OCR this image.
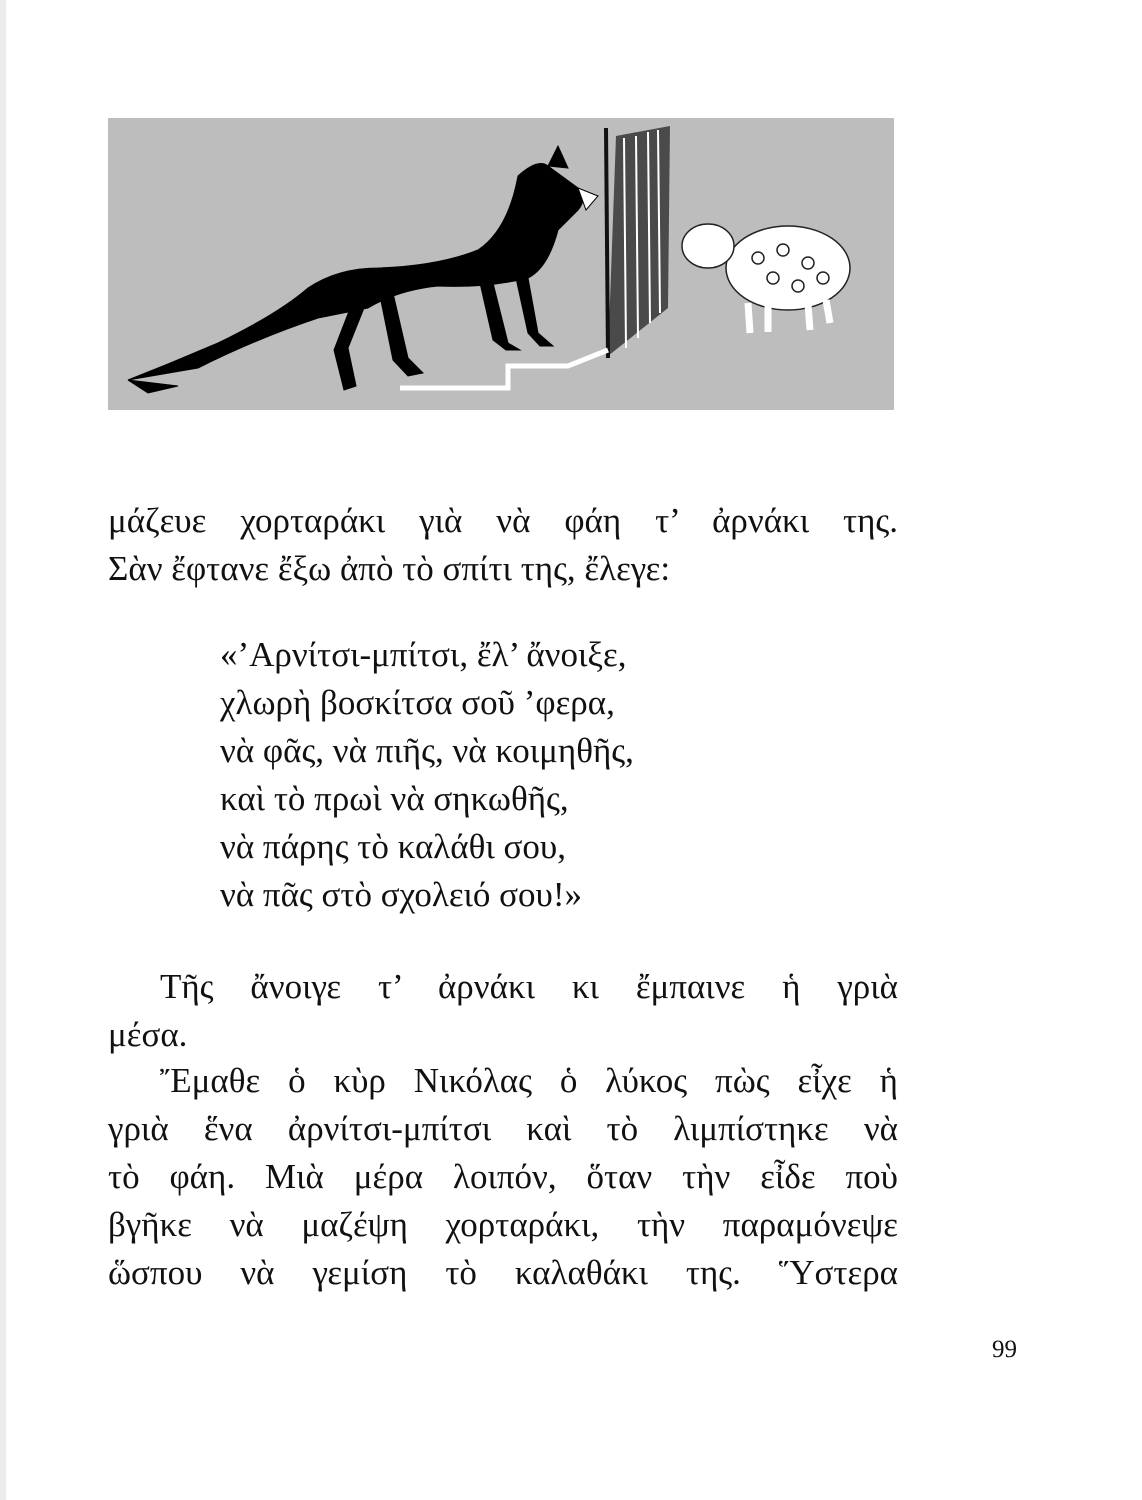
μάζευε χορταράκι γιὰ νὰ φάη τ’ ἀρνάκι της.
Σὰν ἔφτανε ἔξω ἀπὸ τὸ σπίτι της, ἔλεγε:
«’Αρνίτσι-μπίτσι, ἔλ’ ἄνοιξε,
χλωρὴ βοσκίτσα σοῦ ’φερα,
νὰ φᾶς, νὰ πιῆς, νὰ κοιμηθῆς,
καὶ τὸ πρωὶ νὰ σηκωθῆς,
νὰ πάρης τὸ καλάθι σου,
νὰ πᾶς στὸ σχολειό σου!»
Τῆς ἄνοιγε τ’ ἀρνάκι κι ἔμπαινε ἡ γριὰ
μέσα.
Ἔμαθε ὁ κὺρ Νικόλας ὁ λύκος πὼς εἶχε ἡ
γριὰ ἕνα ἀρνίτσι-μπίτσι καὶ τὸ λιμπίστηκε νὰ
τὸ φάη. Μιὰ μέρα λοιπόν, ὅταν τὴν εἶδε ποὺ
βγῆκε νὰ μαζέψη χορταράκι, τὴν παραμόνεψε
ὥσπου νὰ γεμίση τὸ καλαθάκι της. Ὕστερα
99
